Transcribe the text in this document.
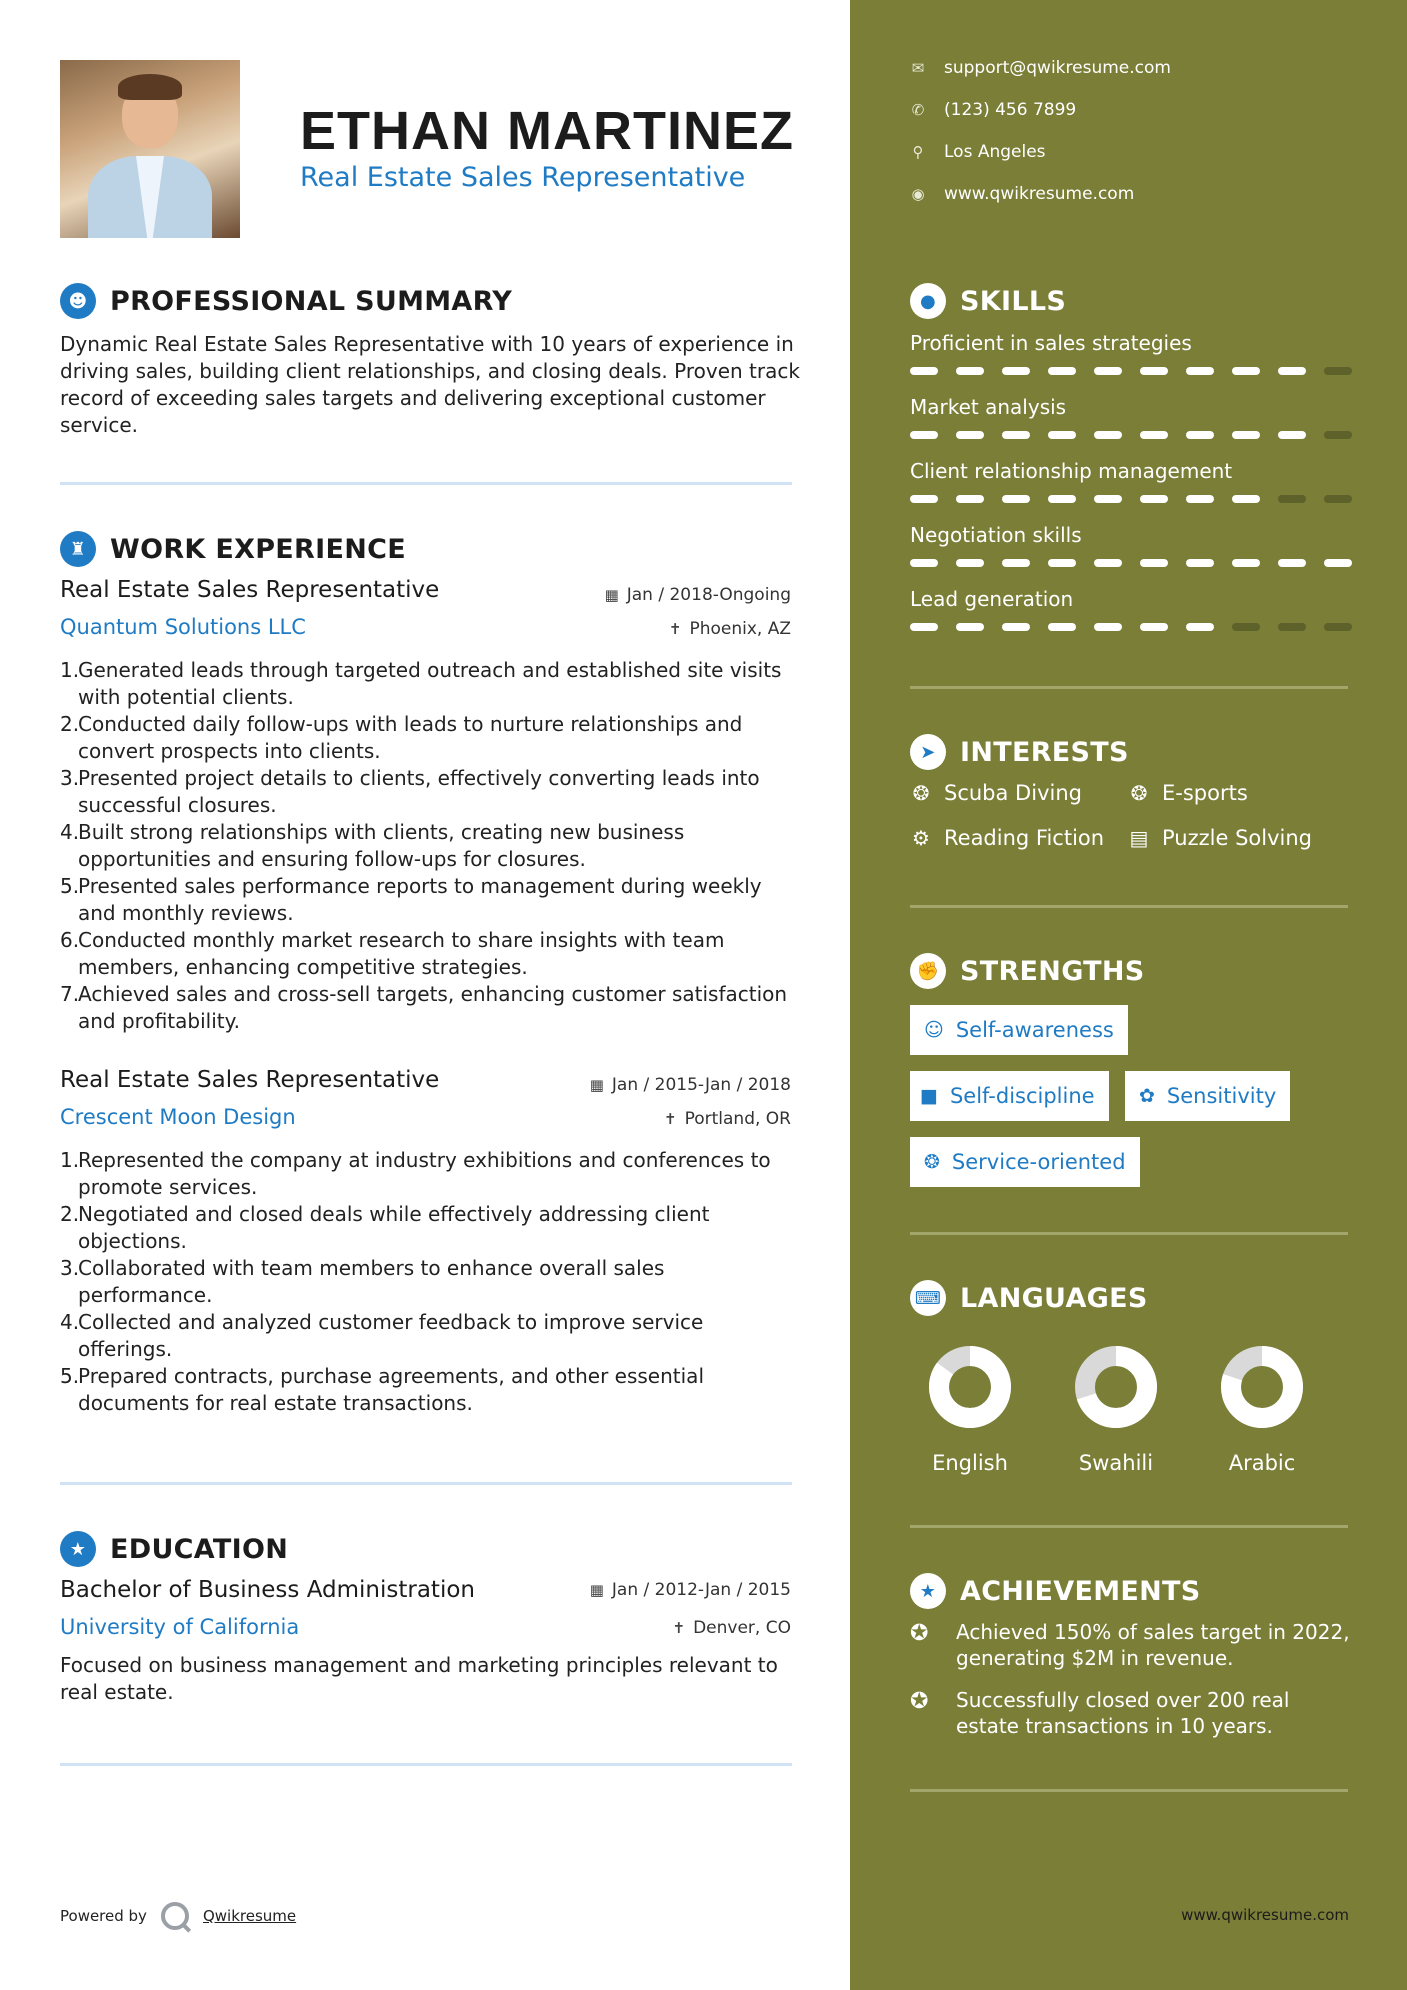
ETHAN MARTINEZ
Real Estate Sales Representative
☻ PROFESSIONAL SUMMARY
Dynamic Real Estate Sales Representative with 10 years of experience in driving sales, building client relationships, and closing deals. Proven track record of exceeding sales targets and delivering exceptional customer service.
♜ WORK EXPERIENCE
Real Estate Sales Representative	▦ Jan / 2018-Ongoing
Quantum Solutions LLC	✝ Phoenix, AZ
1.
Generated leads through targeted outreach and established site visits with potential clients.
2.
Conducted daily follow-ups with leads to nurture relationships and convert prospects into clients.
3.
Presented project details to clients, effectively converting leads into successful closures.
4.
Built strong relationships with clients, creating new business opportunities and ensuring follow-ups for closures.
5.
Presented sales performance reports to management during weekly and monthly reviews.
6.
Conducted monthly market research to share insights with team members, enhancing competitive strategies.
7.
Achieved sales and cross-sell targets, enhancing customer satisfaction and profitability.
Real Estate Sales Representative	▦ Jan / 2015-Jan / 2018
Crescent Moon Design	✝ Portland, OR
1.
Represented the company at industry exhibitions and conferences to promote services.
2.
Negotiated and closed deals while effectively addressing client objections.
3.
Collaborated with team members to enhance overall sales performance.
4.
Collected and analyzed customer feedback to improve service offerings.
5.
Prepared contracts, purchase agreements, and other essential documents for real estate transactions.
★ EDUCATION
Bachelor of Business Administration	▦ Jan / 2012-Jan / 2015
University of California	✝ Denver, CO
Focused on business management and marketing principles relevant to real estate.
Powered by	Qwikresume
✉ support@qwikresume.com
✆ (123) 456 7899
⚲ Los Angeles
◉ www.qwikresume.com
● SKILLS
Proficient in sales strategies
Market analysis
Client relationship management
Negotiation skills
Lead generation
➤ INTERESTS
❂ Scuba Diving ❂ E-sports
⚙ Reading Fiction ▤ Puzzle Solving
✊ STRENGTHS
☺ Self-awareness
■ Self-discipline ✿ Sensitivity
❂ Service-oriented
⌨ LANGUAGES
English	Swahili	Arabic
★ ACHIEVEMENTS
✪	Achieved 150% of sales target in 2022, generating $2M in revenue.
✪	Successfully closed over 200 real estate transactions in 10 years.
www.qwikresume.com
